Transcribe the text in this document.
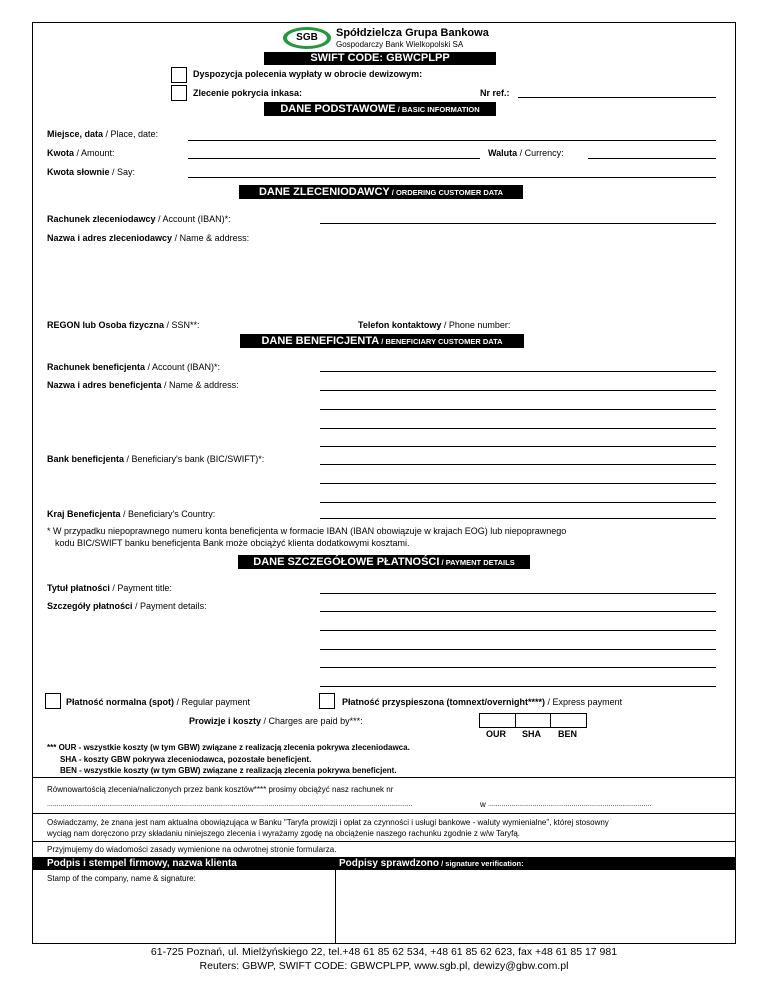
SGB	Spółdzielcza Grupa Bankowa
Gospodarczy Bank Wielkopolski SA
SWIFT CODE: GBWCPLPP
Dyspozycja polecenia wypłaty w obrocie dewizowym:
Zlecenie pokrycia inkasa:	Nr ref.:
DANE PODSTAWOWE / BASIC INFORMATION
Miejsce, data / Place, date:
Kwota / Amount:	Waluta / Currency:
Kwota słownie / Say:
DANE ZLECENIODAWCY / ORDERING CUSTOMER DATA
Rachunek zleceniodawcy / Account (IBAN)*:
Nazwa i adres zleceniodawcy / Name & address:
REGON lub Osoba fizyczna / SSN**:	Telefon kontaktowy / Phone number:
DANE BENEFICJENTA / BENEFICIARY CUSTOMER DATA
Rachunek beneficjenta / Account (IBAN)*:
Nazwa i adres beneficjenta / Name & address:
Bank beneficjenta / Beneficiary's bank (BIC/SWIFT)*:
Kraj Beneficjenta / Beneficiary's Country:
* W przypadku niepoprawnego numeru konta beneficjenta w formacie IBAN (IBAN obowiązuje w krajach EOG) lub niepoprawnego
kodu BIC/SWIFT banku beneficjenta Bank może obciążyć klienta dodatkowymi kosztami.
DANE SZCZEGÓŁOWE PŁATNOŚCI / PAYMENT DETAILS
Tytuł płatności / Payment title:
Szczegóły płatności / Payment details:
Płatność normalna (spot) / Regular payment	Płatność przyspieszona (tomnext/overnight****) / Express payment
Prowizje i koszty / Charges are paid by***:
OUR SHA BEN
*** OUR - wszystkie koszty (w tym GBW) związane z realizacją zlecenia pokrywa zleceniodawca.
SHA - koszty GBW pokrywa zleceniodawca, pozostałe beneficjent.
BEN - wszystkie koszty (w tym GBW) związane z realizacją zlecenia pokrywa beneficjent.
Równowartością zlecenia/naliczonych przez bank kosztów**** prosimy obciążyć nasz rachunek nr
............................................................................................................................................................................................	w ....................................................................................
Oświadczamy, że znana jest nam aktualna obowiązująca w Banku "Taryfa prowizji i opłat za czynności i usługi bankowe - waluty wymienialne", której stosowny
wyciąg nam doręczono przy składaniu niniejszego zlecenia i wyrażamy zgodę na obciążenie naszego rachunku zgodnie z w/w Taryfą.
Przyjmujemy do wiadomości zasady wymienione na odwrotnej stronie formularza.
Podpis i stempel firmowy, nazwa klienta	Podpisy sprawdzono / signature verification:
Stamp of the company, name & signature:
61-725 Poznań, ul. Mielżyńskiego 22, tel.+48 61 85 62 534, +48 61 85 62 623, fax +48 61 85 17 981
Reuters: GBWP, SWIFT CODE: GBWCPLPP, www.sgb.pl, dewizy@gbw.com.pl
